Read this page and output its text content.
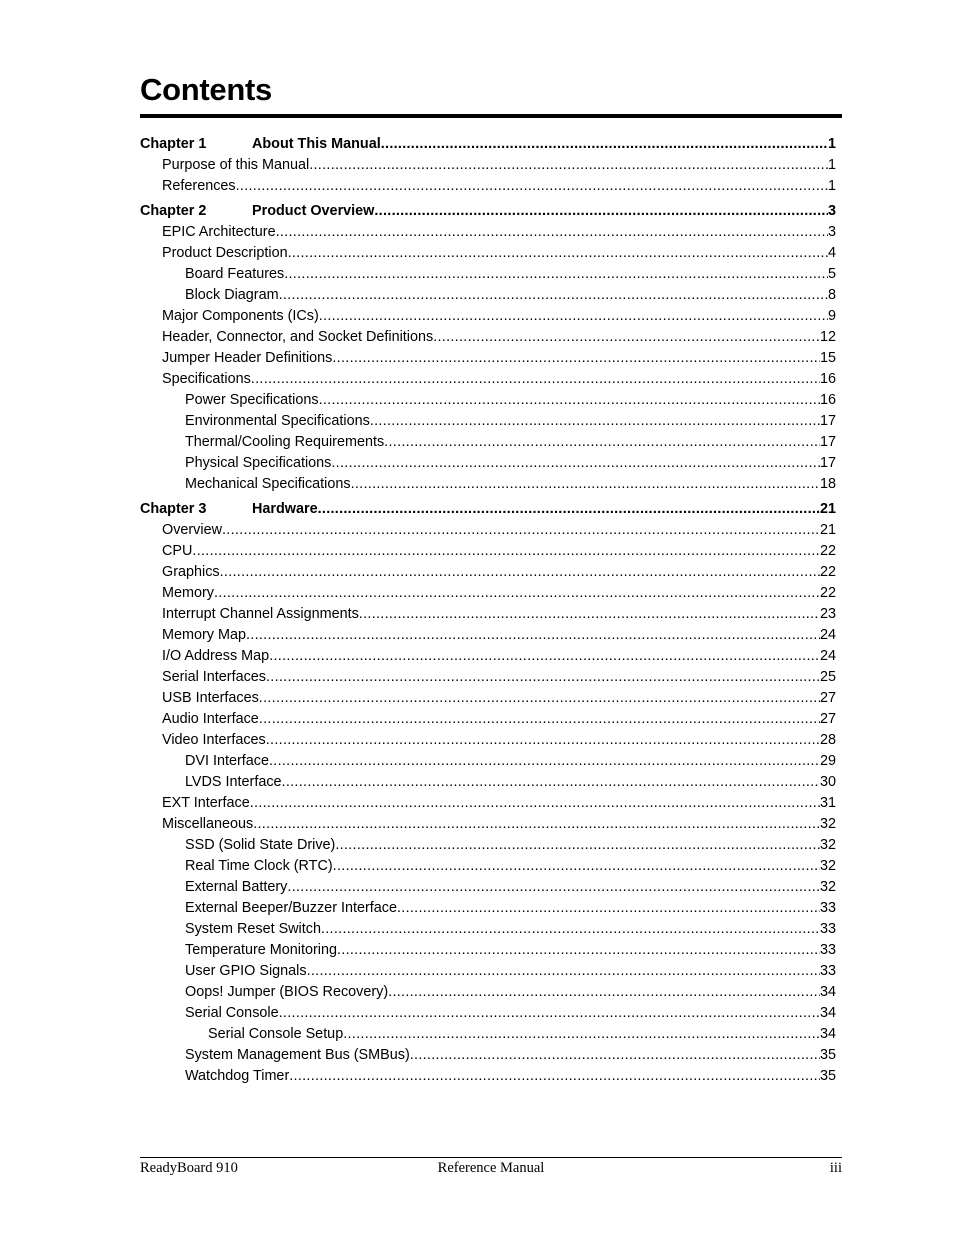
Contents
Chapter 1	About This Manual .....	1
Purpose of this Manual .....	1
References .....	1
Chapter 2	Product Overview .....	3
EPIC Architecture .....	3
Product Description .....	4
Board Features .....	5
Block Diagram .....	8
Major Components (ICs) .....	9
Header, Connector, and Socket Definitions .....	12
Jumper Header Definitions .....	15
Specifications .....	16
Power Specifications .....	16
Environmental Specifications .....	17
Thermal/Cooling Requirements .....	17
Physical Specifications .....	17
Mechanical Specifications .....	18
Chapter 3	Hardware .....	21
Overview .....	21
CPU .....	22
Graphics .....	22
Memory .....	22
Interrupt Channel Assignments .....	23
Memory Map .....	24
I/O Address Map .....	24
Serial Interfaces .....	25
USB Interfaces .....	27
Audio Interface .....	27
Video Interfaces .....	28
DVI Interface .....	29
LVDS Interface .....	30
EXT Interface .....	31
Miscellaneous .....	32
SSD (Solid State Drive) .....	32
Real Time Clock (RTC) .....	32
External Battery .....	32
External Beeper/Buzzer Interface .....	33
System Reset Switch .....	33
Temperature Monitoring .....	33
User GPIO Signals .....	33
Oops! Jumper (BIOS Recovery) .....	34
Serial Console .....	34
Serial Console Setup .....	34
System Management Bus (SMBus) .....	35
Watchdog Timer .....	35
ReadyBoard 910	Reference Manual	iii
